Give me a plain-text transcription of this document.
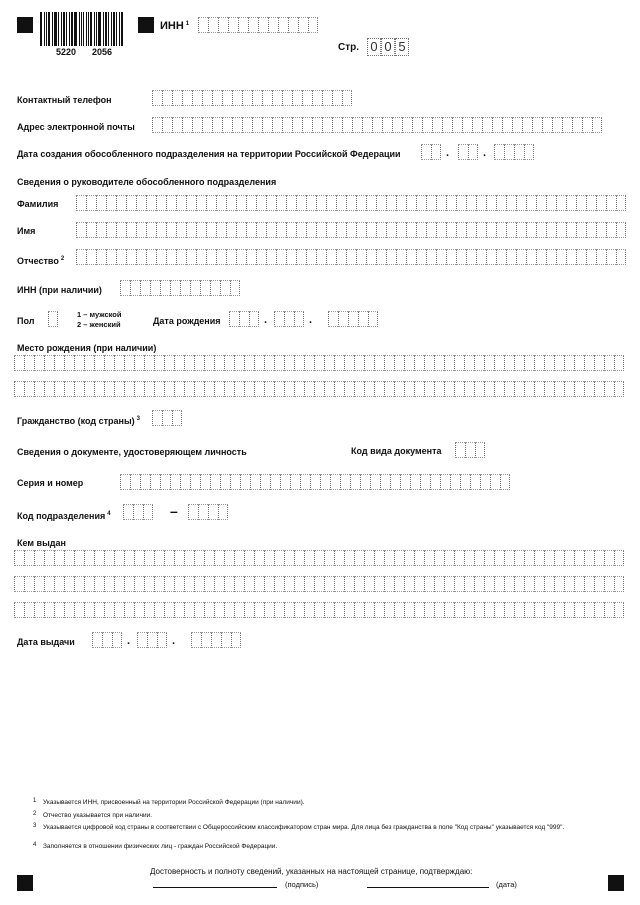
5220 2056
ИНН $^1$
Стр. 0 0 5
Контактный телефон
Адрес электронной почты
Дата создания обособленного подразделения на территории Российской Федерации	.	.
Сведения о руководителе обособленного подразделения
Фамилия
Имя
Отчество $^2$
ИНН (при наличии)
Пол
1 – мужской
2 – женский	Дата рождения	.	.
Место рождения (при наличии)
Гражданство (код страны) $^3$
Сведения о документе, удостоверяющем личность	Код вида документа
Серия и номер
Код подразделения $^4$	–
Кем выдан
Дата выдачи	.	.
1 Указывается ИНН, присвоенный на территории Российской Федерации (при наличии).
2 Отчество указывается при наличии.
3 Указывается цифровой код страны в соответствии с Общероссийским классификатором стран мира. Для лица без гражданства в поле "Код страны" указывается код "999".
4 Заполняется в отношении физических лиц - граждан Российской Федерации.
Достоверность и полноту сведений, указанных на настоящей странице, подтверждаю:
(подпись)	(дата)
